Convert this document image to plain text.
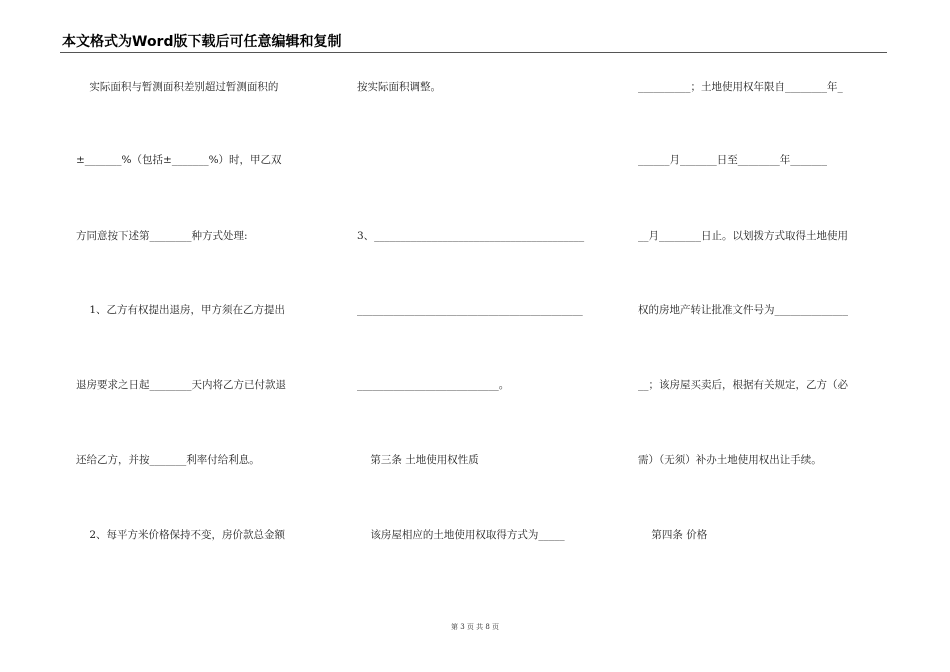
本文格式为Word版下载后可任意编辑和复制
实际面积与暂测面积差别超过暂测面积的
±_______%（包括±_______%）时，甲乙双
方同意按下述第________种方式处理:
1、乙方有权提出退房，甲方须在乙方提出
退房要求之日起________天内将乙方已付款退
还给乙方，并按_______利率付给利息。
2、每平方米价格保持不变，房价款总金额
按实际面积调整。
3、________________________________________
___________________________________________
___________________________。
第三条 土地使用权性质
该房屋相应的土地使用权取得方式为_____
__________；土地使用权年限自________年_
______月_______日至________年_______
__月________日止。以划拨方式取得土地使用
权的房地产转让批准文件号为______________
__；该房屋买卖后，根据有关规定，乙方（必
需）（无须）补办土地使用权出让手续。
第四条 价格
第 3 页 共 8 页
